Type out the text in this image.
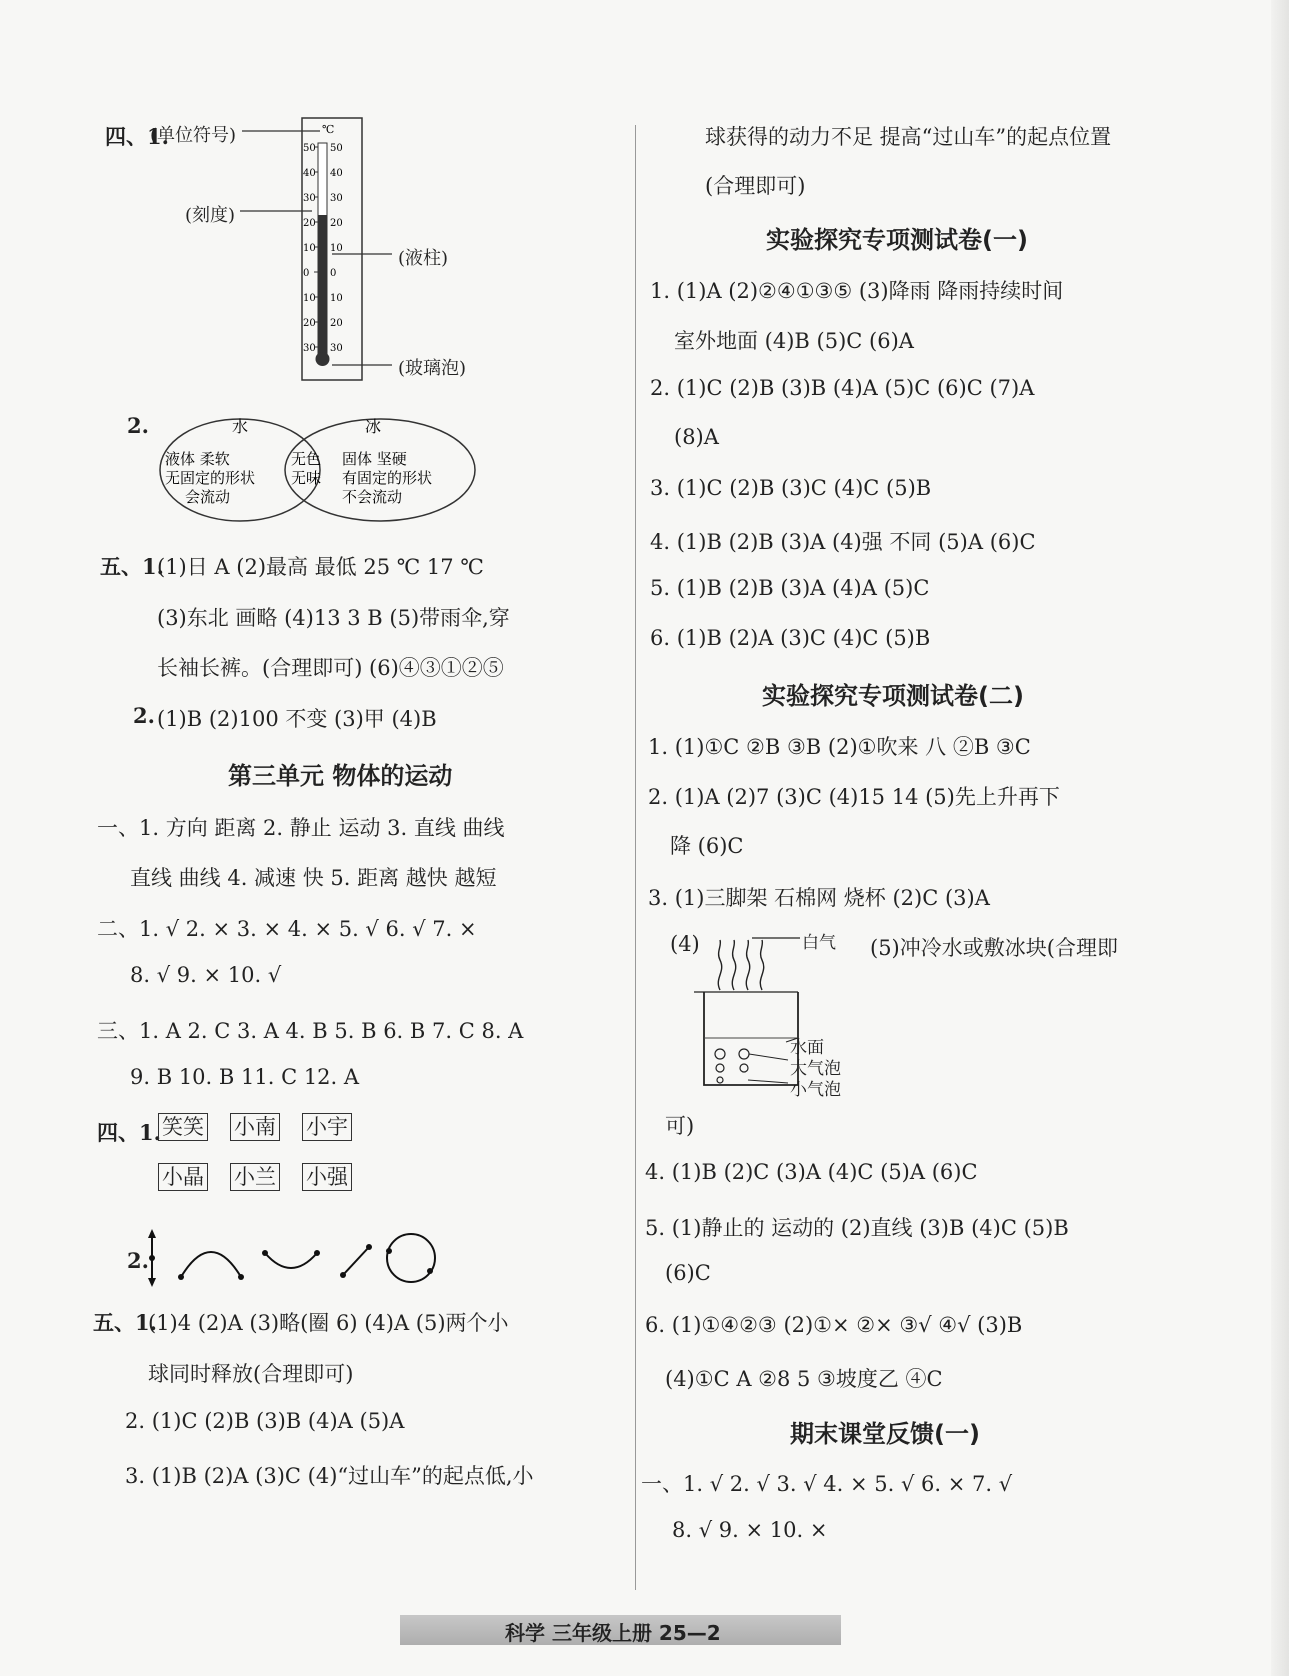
四、1.
(单位符号)
(刻度)
(液柱)
(玻璃泡)
℃
50 50
40 40
30 30
20 20
10 10
0 0
10 10
20 20
30 30
2.	水	冰
液体 柔软
无固定的形状
会流动
无色
无味
固体 坚硬
有固定的形状
不会流动
五、1.
(1)日 A (2)最高 最低 25 ℃ 17 ℃
(3)东北 画略 (4)13 3 B (5)带雨伞,穿
长袖长裤。(合理即可) (6)④③①②⑤
2. (1)B (2)100 不变 (3)甲 (4)B
第三单元 物体的运动
一、1. 方向 距离 2. 静止 运动 3. 直线 曲线
直线 曲线 4. 减速 快 5. 距离 越快 越短
二、1. √ 2. × 3. × 4. × 5. √ 6. √ 7. ×
8. √ 9. × 10. √
三、1. A 2. C 3. A 4. B 5. B 6. B 7. C 8. A
9. B 10. B 11. C 12. A
四、1. 笑笑 小南 小宇
小晶 小兰 小强
2.
五、1.
(1)4 (2)A (3)略(圈 6) (4)A (5)两个小
球同时释放(合理即可)
2. (1)C (2)B (3)B (4)A (5)A
3. (1)B (2)A (3)C (4)“过山车”的起点低,小
球获得的动力不足 提高“过山车”的起点位置
(合理即可)
实验探究专项测试卷(一)
1. (1)A (2)②④①③⑤ (3)降雨 降雨持续时间
室外地面 (4)B (5)C (6)A
2. (1)C (2)B (3)B (4)A (5)C (6)C (7)A
(8)A
3. (1)C (2)B (3)C (4)C (5)B
4. (1)B (2)B (3)A (4)强 不同 (5)A (6)C
5. (1)B (2)B (3)A (4)A (5)C
6. (1)B (2)A (3)C (4)C (5)B
实验探究专项测试卷(二)
1. (1)①C ②B ③B (2)①吹来 八 ②B ③C
2. (1)A (2)7 (3)C (4)15 14 (5)先上升再下
降 (6)C
3. (1)三脚架 石棉网 烧杯 (2)C (3)A
(4)	白气
水面
大气泡
小气泡
(5)冲冷水或敷冰块(合理即
可)
4. (1)B (2)C (3)A (4)C (5)A (6)C
5. (1)静止的 运动的 (2)直线 (3)B (4)C (5)B
(6)C
6. (1)①④②③ (2)①× ②× ③√ ④√ (3)B
(4)①C A ②8 5 ③坡度乙 ④C
期末课堂反馈(一)
一、1. √ 2. √ 3. √ 4. × 5. √ 6. × 7. √
8. √ 9. × 10. ×
科学 三年级上册 25—2
